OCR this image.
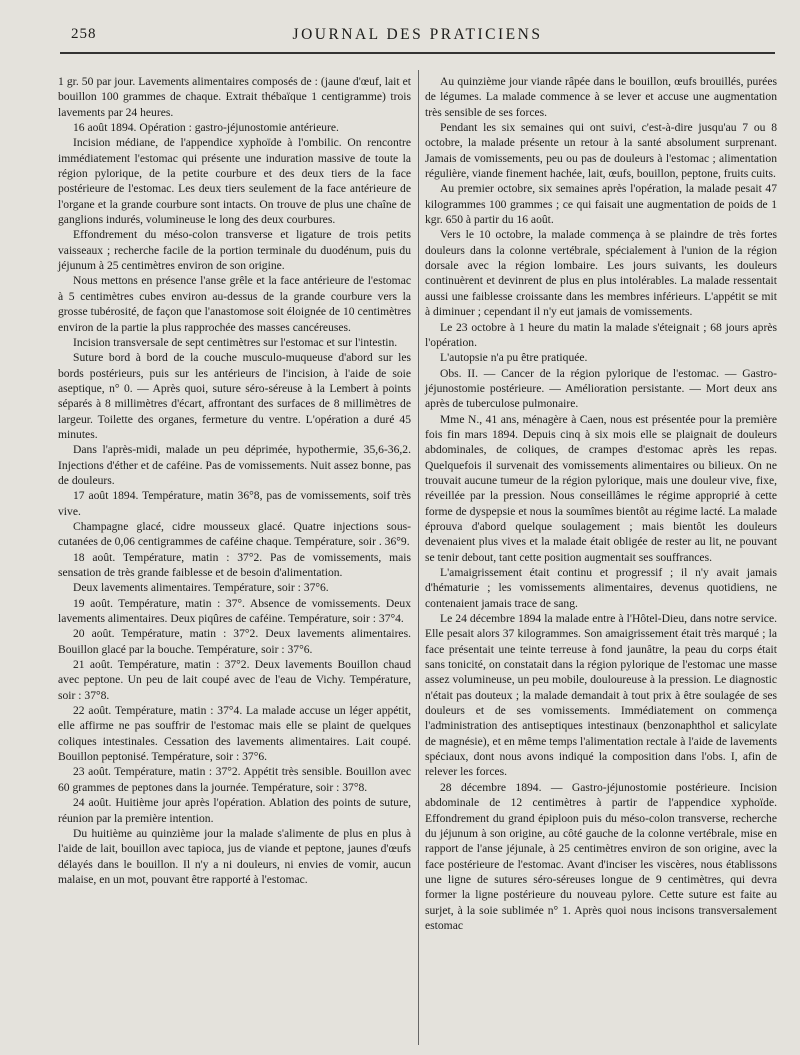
258	JOURNAL DES PRATICIENS

1 gr. 50 par jour. Lavements alimentaires composés de : (jaune d'œuf, lait et bouillon 100 grammes de chaque. Extrait thébaïque 1 centigramme) trois lavements par 24 heures.

16 août 1894. Opération : gastro-jéjunostomie antérieure.

Incision médiane, de l'appendice xyphoïde à l'ombilic. On rencontre immédiatement l'estomac qui présente une induration massive de toute la région pylorique, de la petite courbure et des deux tiers de la face postérieure de l'estomac. Les deux tiers seulement de la face antérieure de l'organe et la grande courbure sont intacts. On trouve de plus une chaîne de ganglions indurés, volumineuse le long des deux courbures.

Effondrement du méso-colon transverse et ligature de trois petits vaisseaux ; recherche facile de la portion terminale du duodénum, puis du jéjunum à 25 centimètres environ de son origine.

Nous mettons en présence l'anse grêle et la face antérieure de l'estomac à 5 centimètres cubes environ au-dessus de la grande courbure vers la grosse tubérosité, de façon que l'anastomose soit éloignée de 10 centimètres environ de la partie la plus rapprochée des masses cancéreuses.

Incision transversale de sept centimètres sur l'estomac et sur l'intestin.

Suture bord à bord de la couche musculo-muqueuse d'abord sur les bords postérieurs, puis sur les antérieurs de l'incision, à l'aide de soie aseptique, n° 0. — Après quoi, suture séro-séreuse à la Lembert à points séparés à 8 millimètres d'écart, affrontant des surfaces de 8 millimètres de largeur. Toilette des organes, fermeture du ventre. L'opération a duré 45 minutes.

Dans l'après-midi, malade un peu déprimée, hypothermie, 35,6-36,2. Injections d'éther et de caféine. Pas de vomissements. Nuit assez bonne, pas de douleurs.

17 août 1894. Température, matin 36°8, pas de vomissements, soif très vive.

Champagne glacé, cidre mousseux glacé. Quatre injections sous-cutanées de 0,06 centigrammes de caféine chaque. Température, soir . 36°9.

18 août. Température, matin : 37°2. Pas de vomissements, mais sensation de très grande faiblesse et de besoin d'alimentation.

Deux lavements alimentaires. Température, soir : 37°6.

19 août. Température, matin : 37°. Absence de vomissements. Deux lavements alimentaires. Deux piqûres de caféine. Température, soir : 37°4.

20 août. Température, matin : 37°2. Deux lavements alimentaires. Bouillon glacé par la bouche. Température, soir : 37°6.

21 août. Température, matin : 37°2. Deux lavements Bouillon chaud avec peptone. Un peu de lait coupé avec de l'eau de Vichy. Température, soir : 37°8.

22 août. Température, matin : 37°4. La malade accuse un léger appétit, elle affirme ne pas souffrir de l'estomac mais elle se plaint de quelques coliques intestinales. Cessation des lavements alimentaires. Lait coupé. Bouillon peptonisé. Température, soir : 37°6.

23 août. Température, matin : 37°2. Appétit très sensible. Bouillon avec 60 grammes de peptones dans la journée. Température, soir : 37°8.

24 août. Huitième jour après l'opération. Ablation des points de suture, réunion par la première intention.

Du huitième au quinzième jour la malade s'alimente de plus en plus à l'aide de lait, bouillon avec tapioca, jus de viande et peptone, jaunes d'œufs délayés dans le bouillon. Il n'y a ni douleurs, ni envies de vomir, aucun malaise, en un mot, pouvant être rapporté à l'estomac.

Au quinzième jour viande râpée dans le bouillon, œufs brouillés, purées de légumes. La malade commence à se lever et accuse une augmentation très sensible de ses forces.

Pendant les six semaines qui ont suivi, c'est-à-dire jusqu'au 7 ou 8 octobre, la malade présente un retour à la santé absolument surprenant. Jamais de vomissements, peu ou pas de douleurs à l'estomac ; alimentation régulière, viande finement hachée, lait, œufs, bouillon, peptone, fruits cuits.

Au premier octobre, six semaines après l'opération, la malade pesait 47 kilogrammes 100 grammes ; ce qui faisait une augmentation de poids de 1 kgr. 650 à partir du 16 août.

Vers le 10 octobre, la malade commença à se plaindre de très fortes douleurs dans la colonne vertébrale, spécialement à l'union de la région dorsale avec la région lombaire. Les jours suivants, les douleurs continuèrent et devinrent de plus en plus intolérables. La malade ressentait aussi une faiblesse croissante dans les membres inférieurs. L'appétit se mit à diminuer ; cependant il n'y eut jamais de vomissements.

Le 23 octobre à 1 heure du matin la malade s'éteignait ; 68 jours après l'opération.

L'autopsie n'a pu être pratiquée.

Obs. II. — Cancer de la région pylorique de l'estomac. — Gastro-jéjunostomie postérieure. — Amélioration persistante. — Mort deux ans après de tuberculose pulmonaire.

Mme N., 41 ans, ménagère à Caen, nous est présentée pour la première fois fin mars 1894. Depuis cinq à six mois elle se plaignait de douleurs abdominales, de coliques, de crampes d'estomac après les repas. Quelquefois il survenait des vomissements alimentaires ou bilieux. On ne trouvait aucune tumeur de la région pylorique, mais une douleur vive, fixe, réveillée par la pression. Nous conseillâmes le régime approprié à cette forme de dyspepsie et nous la soumîmes bientôt au régime lacté. La malade éprouva d'abord quelque soulagement ; mais bientôt les douleurs devenaient plus vives et la malade était obligée de rester au lit, ne pouvant se tenir debout, tant cette position augmentait ses souffrances.

L'amaigrissement était continu et progressif ; il n'y avait jamais d'hématurie ; les vomissements alimentaires, devenus quotidiens, ne contenaient jamais trace de sang.

Le 24 décembre 1894 la malade entre à l'Hôtel-Dieu, dans notre service. Elle pesait alors 37 kilogrammes. Son amaigrissement était très marqué ; la face présentait une teinte terreuse à fond jaunâtre, la peau du corps était sans tonicité, on constatait dans la région pylorique de l'estomac une masse assez volumineuse, un peu mobile, douloureuse à la pression. Le diagnostic n'était pas douteux ; la malade demandait à tout prix à être soulagée de ses douleurs et de ses vomissements. Immédiatement on commença l'administration des antiseptiques intestinaux (benzonaphthol et salicylate de magnésie), et en même temps l'alimentation rectale à l'aide de lavements spéciaux, dont nous avons indiqué la composition dans l'obs. I, afin de relever les forces.

28 décembre 1894. — Gastro-jéjunostomie postérieure. Incision abdominale de 12 centimètres à partir de l'appendice xyphoïde. Effondrement du grand épiploon puis du méso-colon transverse, recherche du jéjunum à son origine, au côté gauche de la colonne vertébrale, mise en rapport de l'anse jéjunale, à 25 centimètres environ de son origine, avec la face postérieure de l'estomac. Avant d'inciser les viscères, nous établissons une ligne de sutures séro-séreuses longue de 9 centimètres, qui devra former la ligne postérieure du nouveau pylore. Cette suture est faite au surjet, à la soie sublimée n° 1. Après quoi nous incisons transversalement estomac
